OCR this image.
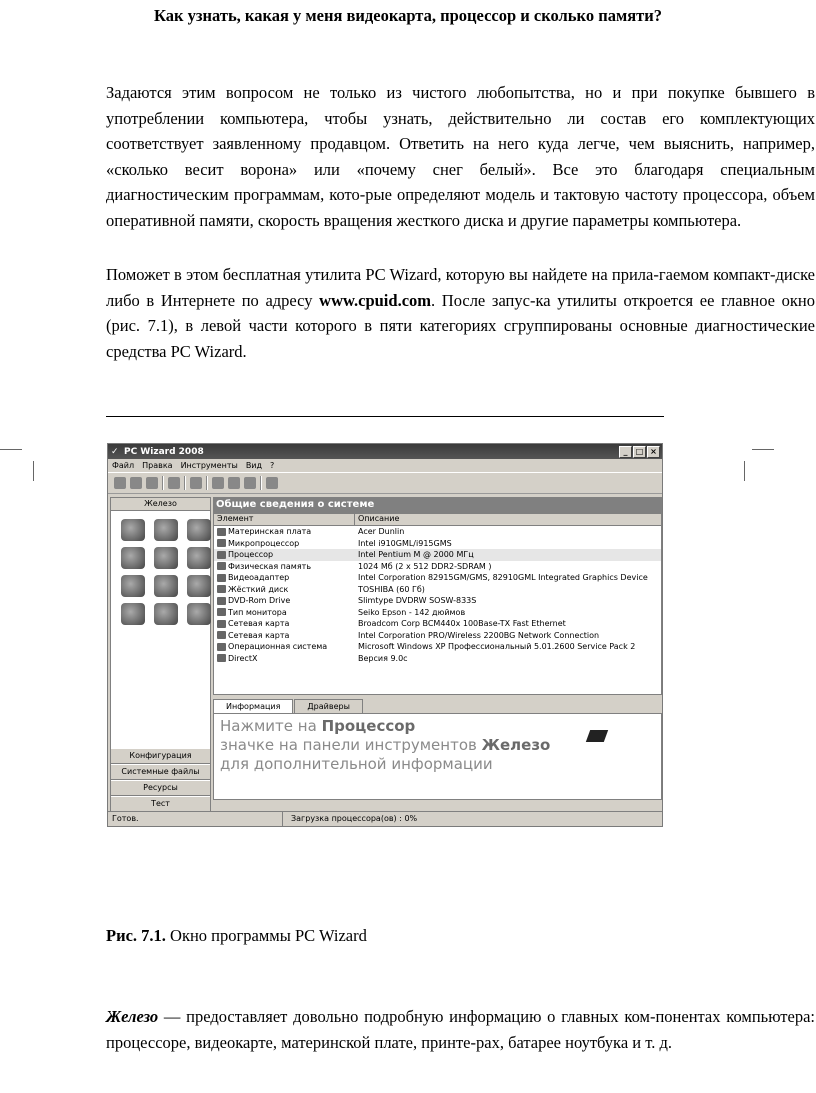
Как узнать, какая у меня видеокарта, процессор и сколько памяти?
Задаются этим вопросом не только из чистого любопытства, но и при покупке бывшего в употреблении компьютера, чтобы узнать, действительно ли состав его комплектующих соответствует заявленному продавцом. Ответить на него куда легче, чем выяснить, например, «сколько весит ворона» или «почему снег белый». Все это благодаря специальным диагностическим программам, кото-рые определяют модель и тактовую частоту процессора, объем оперативной памяти, скорость вращения жесткого диска и другие параметры компьютера.
Поможет в этом бесплатная утилита PC Wizard, которую вы найдете на прила-гаемом компакт-диске либо в Интернете по адресу www.cpuid.com. После запус-ка утилиты откроется ее главное окно (рис. 7.1), в левой части которого в пяти категориях сгруппированы основные диагностические средства PC Wizard.
✓ PC Wizard 2008	_	□ ×
Файл Правка Инструменты Вид ?
Железо
Конфигурация
Системные файлы
Ресурсы
Тест
Общие сведения о системе
Элемент	Описание
Материнская плата	Acer Dunlin
Микропроцессор	Intel i910GML/i915GMS
Процессор	Intel Pentium M @ 2000 МГц
Физическая память	1024 Мб (2 x 512 DDR2-SDRAM )
Видеоадаптер	Intel Corporation 82915GM/GMS, 82910GML Integrated Graphics Device
Жёсткий диск	TOSHIBA (60 Гб)
DVD-Rom Drive	Slimtype DVDRW SOSW-833S
Тип монитора	Seiko Epson - 142 дюймов
Сетевая карта	Broadcom Corp BCM440x 100Base-TX Fast Ethernet
Сетевая карта	Intel Corporation PRO/Wireless 2200BG Network Connection
Операционная система	Microsoft Windows XP Профессиональный 5.01.2600 Service Pack 2
DirectX	Версия 9.0c
Информация	Драйверы
Нажмите на Процессор
значке на панели инструментов Железо
для дополнительной информации
Готов.	Загрузка процессора(ов) : 0%
Рис. 7.1. Окно программы PC Wizard
Железо — предоставляет довольно подробную информацию о главных ком-понентах компьютера: процессоре, видеокарте, материнской плате, принте-рах, батарее ноутбука и т. д.
